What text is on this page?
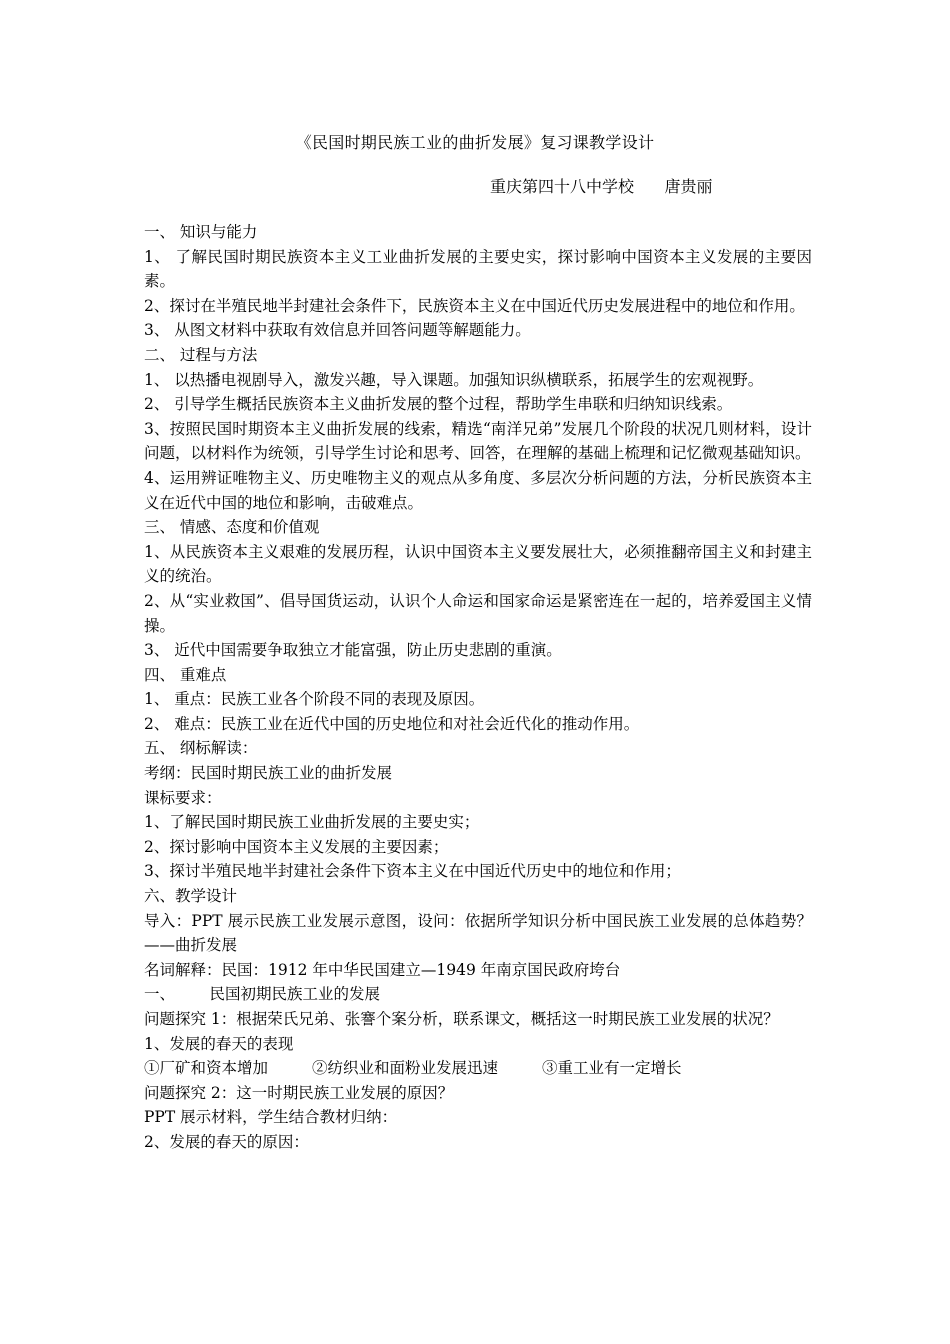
《民国时期民族工业的曲折发展》复习课教学设计
重庆第四十八中学校      唐贵丽

一、 知识与能力

1、 了解民国时期民族资本主义工业曲折发展的主要史实，探讨影响中国资本主义发展的主要因素。

2、探讨在半殖民地半封建社会条件下，民族资本主义在中国近代历史发展进程中的地位和作用。

3、 从图文材料中获取有效信息并回答问题等解题能力。

二、 过程与方法

1、 以热播电视剧导入，激发兴趣，导入课题。加强知识纵横联系，拓展学生的宏观视野。

2、 引导学生概括民族资本主义曲折发展的整个过程，帮助学生串联和归纳知识线索。

3、按照民国时期资本主义曲折发展的线索，精选“南洋兄弟”发展几个阶段的状况几则材料，设计问题，以材料作为统领，引导学生讨论和思考、回答，在理解的基础上梳理和记忆微观基础知识。

4、运用辨证唯物主义、历史唯物主义的观点从多角度、多层次分析问题的方法，分析民族资本主义在近代中国的地位和影响，击破难点。

三、 情感、态度和价值观

1、从民族资本主义艰难的发展历程，认识中国资本主义要发展壮大，必须推翻帝国主义和封建主义的统治。

2、从“实业救国”、倡导国货运动，认识个人命运和国家命运是紧密连在一起的，培养爱国主义情操。

3、 近代中国需要争取独立才能富强，防止历史悲剧的重演。

四、 重难点

1、 重点：民族工业各个阶段不同的表现及原因。

2、 难点：民族工业在近代中国的历史地位和对社会近代化的推动作用。

五、 纲标解读：

考纲：民国时期民族工业的曲折发展

课标要求：

1、了解民国时期民族工业曲折发展的主要史实；

2、探讨影响中国资本主义发展的主要因素；

3、探讨半殖民地半封建社会条件下资本主义在中国近代历史中的地位和作用；

六、教学设计

导入：PPT 展示民族工业发展示意图，设问：依据所学知识分析中国民族工业发展的总体趋势？——曲折发展

名词解释：民国：1912 年中华民国建立—1949 年南京国民政府垮台

一、       民国初期民族工业的发展

问题探究 1：根据荣氏兄弟、张謇个案分析，联系课文，概括这一时期民族工业发展的状况？

1、发展的春天的表现

①厂矿和资本增加	②纺织业和面粉业发展迅速	③重工业有一定增长

问题探究 2：这一时期民族工业发展的原因？

PPT 展示材料，学生结合教材归纳：

2、发展的春天的原因：
